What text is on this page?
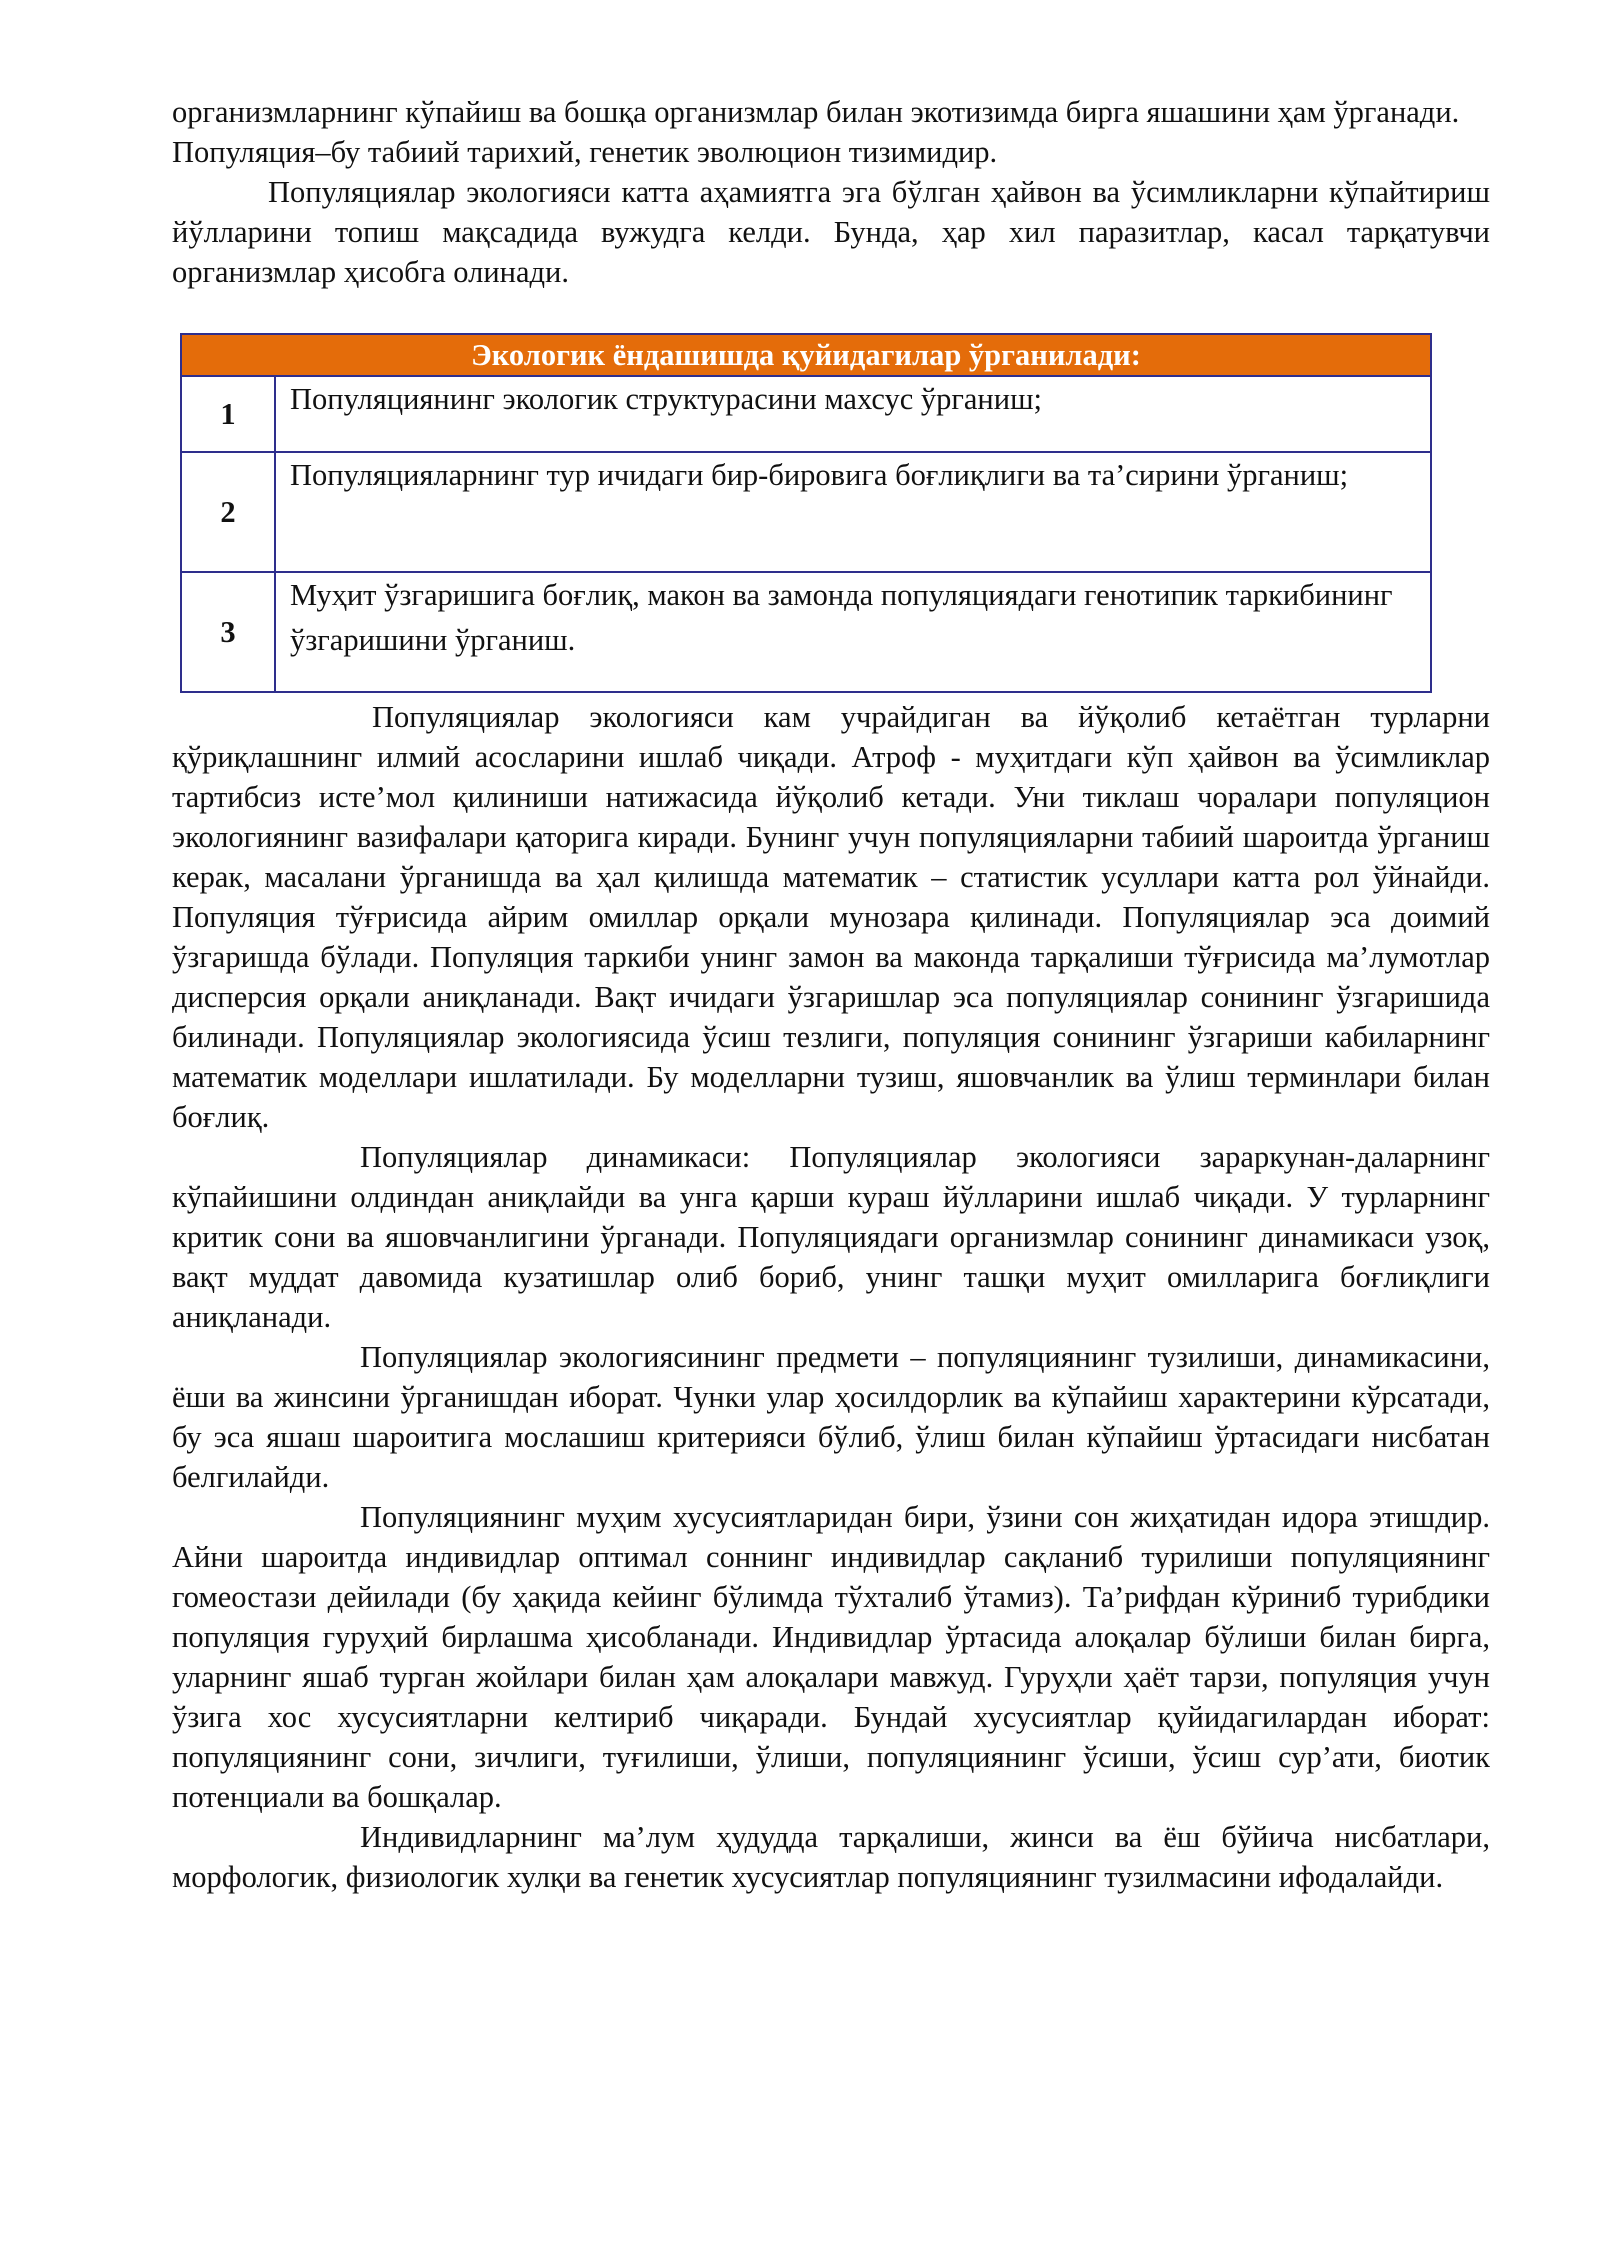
организмларнинг кўпайиш ва бошқа организмлар билан экотизимда бирга яшашини ҳам ўрганади.

Популяция–бу табиий тарихий, генетик эволюцион тизимидир.

Популяциялар экологияси катта аҳамиятга эга бўлган ҳайвон ва ўсимликларни кўпайтириш йўлларини топиш мақсадида вужудга келди. Бунда, ҳар хил паразитлар, касал тарқатувчи организмлар ҳисобга олинади.

Экологик ёндашишда қуйидагилар ўрганилади:	
1	Популяциянинг экологик структурасини махсус ўрганиш;
2	Популяцияларнинг тур ичидаги бир-бировига боғлиқлиги ва та’сирини ўрганиш;
3	Муҳит ўзгаришига боғлиқ, макон ва замонда популяциядаги генотипик таркибининг ўзгаришини ўрганиш.

Популяциялар экологияси кам учрайдиган ва йўқолиб кетаётган турларни қўриқлашнинг илмий асосларини ишлаб чиқади. Атроф - муҳитдаги кўп ҳайвон ва ўсимликлар тартибсиз исте’мол қилиниши натижасида йўқолиб кетади. Уни тиклаш чоралари популяцион экологиянинг вазифалари қаторига киради. Бунинг учун популяцияларни табиий шароитда ўрганиш керак, масалани ўрганишда ва ҳал қилишда математик – статистик усуллари катта рол ўйнайди. Популяция тўғрисида айрим омиллар орқали мунозара қилинади. Популяциялар эса доимий ўзгаришда бўлади. Популяция таркиби унинг замон ва маконда тарқалиши тўғрисида ма’лумотлар дисперсия орқали аниқланади. Вақт ичидаги ўзгаришлар эса популяциялар сонининг ўзгаришида билинади. Популяциялар экологиясида ўсиш тезлиги, популяция сонининг ўзгариши кабиларнинг математик моделлари ишлатилади. Бу моделларни тузиш, яшовчанлик ва ўлиш терминлари билан боғлиқ.

Популяциялар динамикаси: Популяциялар экологияси зараркунан-даларнинг кўпайишини олдиндан аниқлайди ва унга қарши кураш йўлларини ишлаб чиқади. У турларнинг критик сони ва яшовчанлигини ўрганади. Популяциядаги организмлар сонининг динамикаси узоқ, вақт муддат давомида кузатишлар олиб бориб, унинг ташқи муҳит омилларига боғлиқлиги аниқланади.

Популяциялар экологиясининг предмети – популяциянинг тузилиши, динамикасини, ёши ва жинсини ўрганишдан иборат. Чунки улар ҳосилдорлик ва кўпайиш характерини кўрсатади, бу эса яшаш шароитига мослашиш критерияси бўлиб, ўлиш билан кўпайиш ўртасидаги нисбатан белгилайди.

Популяциянинг муҳим хусусиятларидан бири, ўзини сон жиҳатидан идора этишдир. Айни шароитда индивидлар оптимал соннинг индивидлар сақланиб турилиши популяциянинг гомеостази дейилади (бу ҳақида кейинг бўлимда тўхталиб ўтамиз). Та’рифдан кўриниб турибдики популяция гуруҳий бирлашма ҳисобланади. Индивидлар ўртасида алоқалар бўлиши билан бирга, уларнинг яшаб турган жойлари билан ҳам алоқалари мавжуд. Гуруҳли ҳаёт тарзи, популяция учун ўзига хос хусусиятларни келтириб чиқаради. Бундай хусусиятлар қуйидагилардан иборат: популяциянинг сони, зичлиги, туғилиши, ўлиши, популяциянинг ўсиши, ўсиш сур’ати, биотик потенциали ва бошқалар.

Индивидларнинг ма’лум ҳудудда тарқалиши, жинси ва ёш бўйича нисбатлари, морфологик, физиологик хулқи ва генетик хусусиятлар популяциянинг тузилмасини ифодалайди.
